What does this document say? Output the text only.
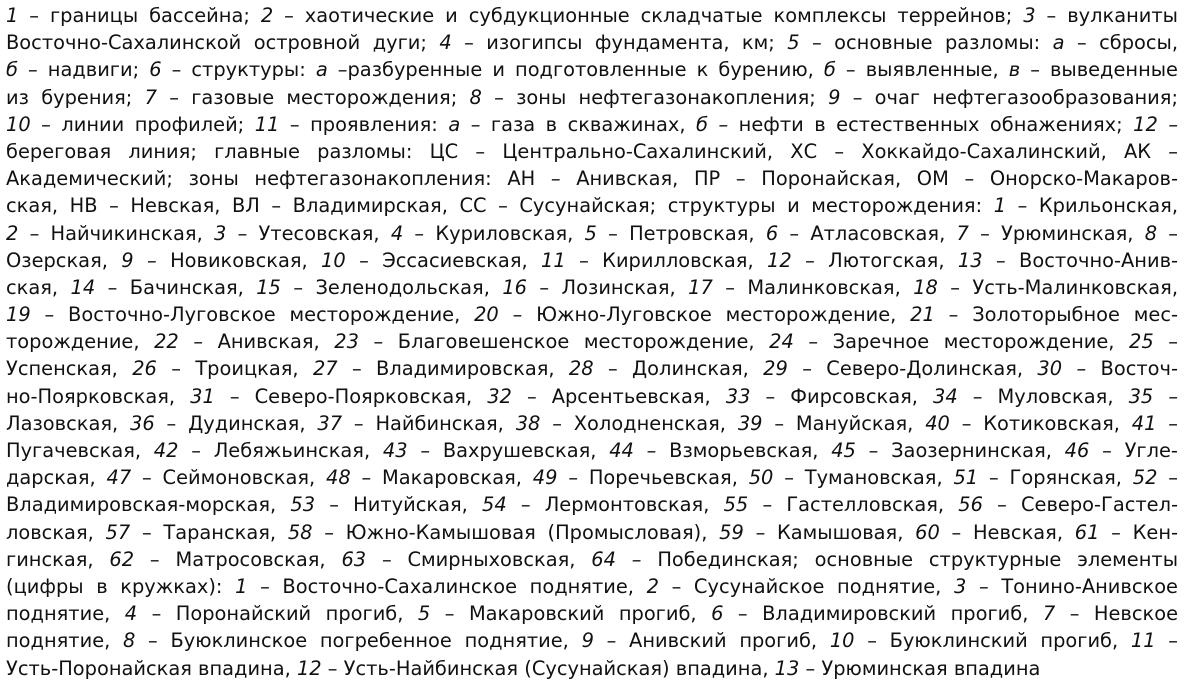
1 – границы бассейна; 2 – хаотические и субдукционные складчатые комплексы террейнов; 3 – вулканиты
Восточно-Сахалинской островной дуги; 4 – изогипсы фундамента, км; 5 – основные разломы: а – сбросы,
б – надвиги; 6 – структуры: а –разбуренные и подготовленные к бурению, б – выявленные, в – выведенные
из бурения; 7 – газовые месторождения; 8 – зоны нефтегазонакопления; 9 – очаг нефтегазообразования;
10 – линии профилей; 11 – проявления: а – газа в скважинах, б – нефти в естественных обнажениях; 12 –
береговая линия; главные разломы: ЦС – Центрально-Сахалинский, ХС – Хоккайдо-Сахалинский, АК –
Академический; зоны нефтегазонакопления: АН – Анивская, ПР – Поронайская, ОМ – Онорско-Макаров-
ская, НВ – Невская, ВЛ – Владимирская, СС – Сусунайская; структуры и месторождения: 1 – Крильонская,
2 – Найчикинская, 3 – Утесовская, 4 – Куриловская, 5 – Петровская, 6 – Атласовская, 7 – Урюминская, 8 –
Озерская, 9 – Новиковская, 10 – Эссасиевская, 11 – Кирилловская, 12 – Лютогская, 13 – Восточно-Анив-
ская, 14 – Бачинская, 15 – Зеленодольская, 16 – Лозинская, 17 – Малинковская, 18 – Усть-Малинковская,
19 – Восточно-Луговское месторождение, 20 – Южно-Луговское месторождение, 21 – Золоторыбное мес-
торождение, 22 – Анивская, 23 – Благовешенское месторождение, 24 – Заречное месторождение, 25 –
Успенская, 26 – Троицкая, 27 – Владимировская, 28 – Долинская, 29 – Северо-Долинская, 30 – Восточ-
но-Поярковская, 31 – Северо-Поярковская, 32 – Арсентьевская, 33 – Фирсовская, 34 – Муловская, 35 –
Лазовская, 36 – Дудинская, 37 – Найбинская, 38 – Холодненская, 39 – Мануйская, 40 – Котиковская, 41 –
Пугачевская, 42 – Лебяжьинская, 43 – Вахрушевская, 44 – Взморьевская, 45 – Заозернинская, 46 – Угле-
дарская, 47 – Сеймоновская, 48 – Макаровская, 49 – Поречьевская, 50 – Тумановская, 51 – Горянская, 52 –
Владимировская-морская, 53 – Нитуйская, 54 – Лермонтовская, 55 – Гастелловская, 56 – Северо-Гастел-
ловская, 57 – Таранская, 58 – Южно-Камышовая (Промысловая), 59 – Камышовая, 60 – Невская, 61 – Кен-
гинская, 62 – Матросовская, 63 – Смирныховская, 64 – Побединская; основные структурные элементы
(цифры в кружках): 1 – Восточно-Сахалинское поднятие, 2 – Сусунайское поднятие, 3 – Тонино-Анивское
поднятие, 4 – Поронайский прогиб, 5 – Макаровский прогиб, 6 – Владимировский прогиб, 7 – Невское
поднятие, 8 – Буюклинское погребенное поднятие, 9 – Анивский прогиб, 10 – Буюклинский прогиб, 11 –
Усть-Поронайская впадина, 12 – Усть-Найбинская (Сусунайская) впадина, 13 – Урюминская впадина
